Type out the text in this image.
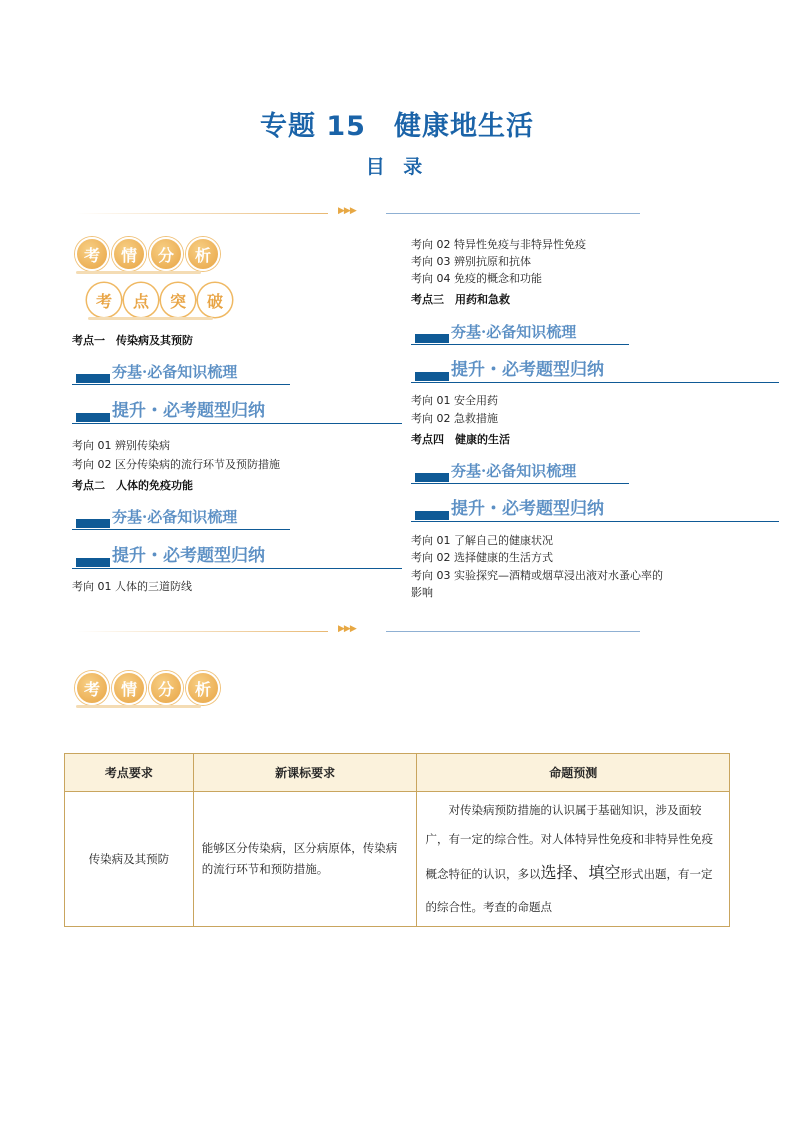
专题 15　健康地生活
目 录
▶▶▶
考	情	分	析
考	点	突	破
考点一　传染病及其预防
夯基·必备知识梳理
提升・必考题型归纳
考向 01 辨别传染病
考向 02 区分传染病的流行环节及预防措施
考点二　人体的免疫功能
夯基·必备知识梳理
提升・必考题型归纳
考向 01 人体的三道防线
考向 02 特异性免疫与非特异性免疫
考向 03 辨别抗原和抗体
考向 04 免疫的概念和功能
考点三　用药和急救
夯基·必备知识梳理
提升・必考题型归纳
考向 01 安全用药
考向 02 急救措施
考点四　健康的生活
夯基·必备知识梳理
提升・必考题型归纳
考向 01 了解自己的健康状况
考向 02 选择健康的生活方式
考向 03 实验探究—酒精或烟草浸出液对水蚤心率的
影响
▶▶▶
考	情	分	析
考点要求	新课标要求	命题预测
传染病及其预防	能够区分传染病，区分病原体，传染病的流行环节和预防措施。	对传染病预防措施的认识属于基础知识，涉及面较广，有一定的综合性。对人体特异性免疫和非特异性免疫概念特征的认识，多以选择、填空形式出题，有一定的综合性。考查的命题点
